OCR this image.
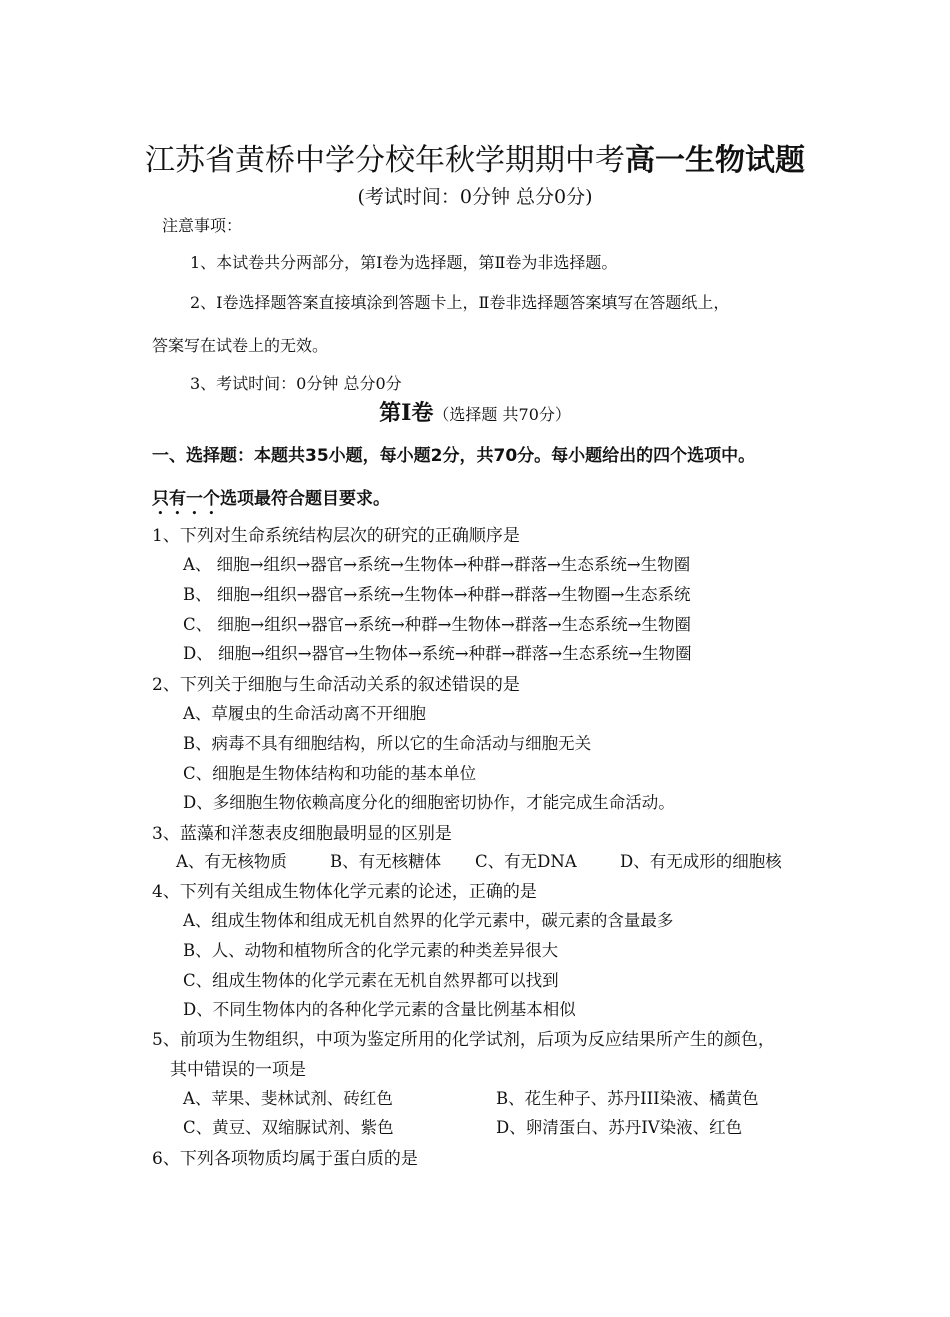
江苏省黄桥中学分校年秋学期期中考高一生物试题
(考试时间：0分钟 总分0分)
注意事项：
1、本试卷共分两部分，第Ⅰ卷为选择题，第Ⅱ卷为非选择题。
2、Ⅰ卷选择题答案直接填涂到答题卡上，Ⅱ卷非选择题答案填写在答题纸上，
答案写在试卷上的无效。
3、考试时间：0分钟 总分0分
第Ⅰ卷（选择题 共70分）
一、选择题：本题共35小题，每小题2分，共70分。每小题给出的四个选项中。
只有一个选项最符合题目要求。
1、下列对生命系统结构层次的研究的正确顺序是
A、 细胞→组织→器官→系统→生物体→种群→群落→生态系统→生物圈
B、 细胞→组织→器官→系统→生物体→种群→群落→生物圈→生态系统
C、 细胞→组织→器官→系统→种群→生物体→群落→生态系统→生物圈
D、 细胞→组织→器官→生物体→系统→种群→群落→生态系统→生物圈
2、下列关于细胞与生命活动关系的叙述错误的是
A、草履虫的生命活动离不开细胞
B、病毒不具有细胞结构，所以它的生命活动与细胞无关
C、细胞是生物体结构和功能的基本单位
D、多细胞生物依赖高度分化的细胞密切协作，才能完成生命活动。
3、蓝藻和洋葱表皮细胞最明显的区别是
A、有无核物质	B、有无核糖体 C、有无DNA	D、有无成形的细胞核
4、下列有关组成生物体化学元素的论述，正确的是
A、组成生物体和组成无机自然界的化学元素中，碳元素的含量最多
B、人、动物和植物所含的化学元素的种类差异很大
C、组成生物体的化学元素在无机自然界都可以找到
D、不同生物体内的各种化学元素的含量比例基本相似
5、前项为生物组织，中项为鉴定所用的化学试剂，后项为反应结果所产生的颜色，
其中错误的一项是
A、苹果、斐林试剂、砖红色	B、花生种子、苏丹III染液、橘黄色
C、黄豆、双缩脲试剂、紫色	D、卵清蛋白、苏丹IV染液、红色
6、下列各项物质均属于蛋白质的是
